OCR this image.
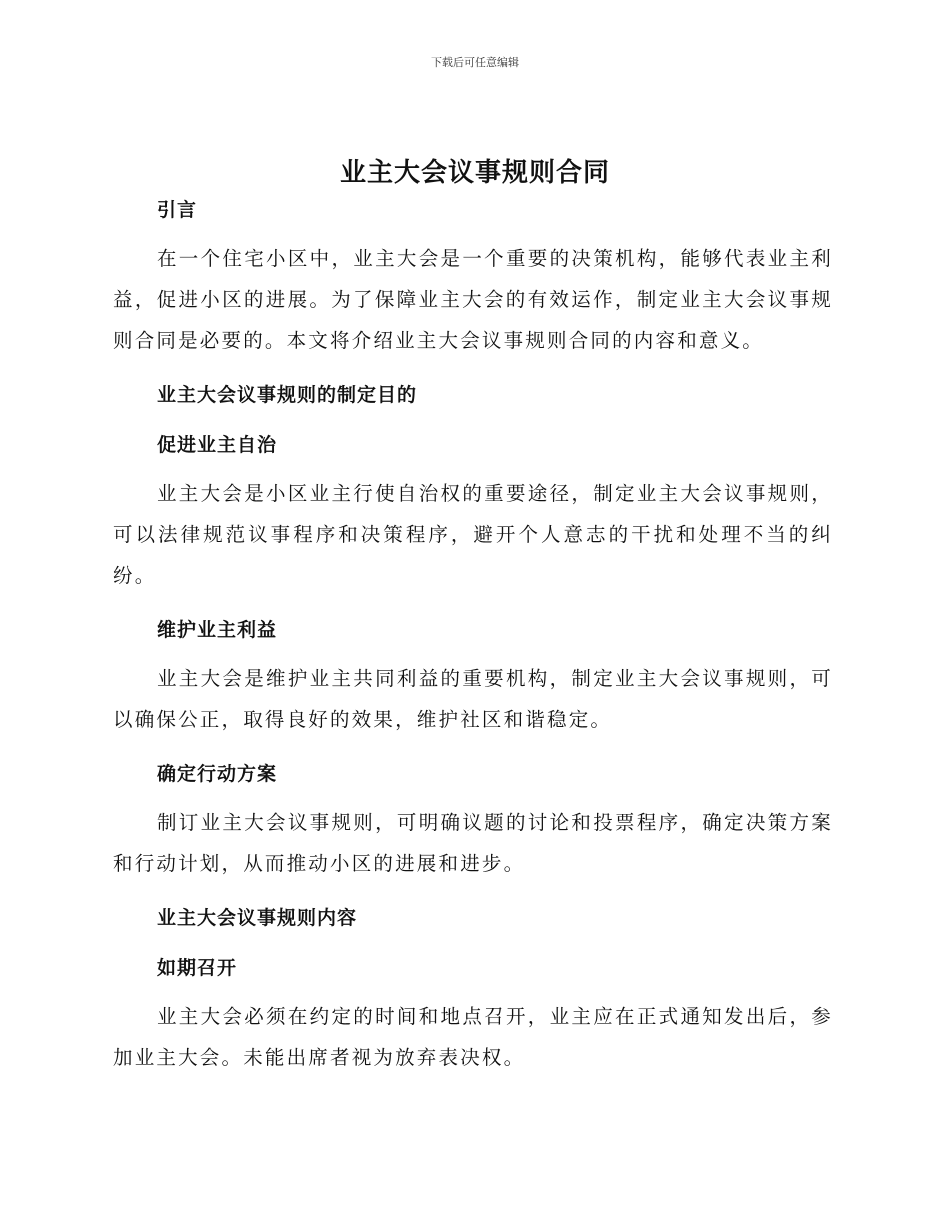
下载后可任意编辑
业主大会议事规则合同

引言

在一个住宅小区中，业主大会是一个重要的决策机构，能够代表业主利益，促进小区的进展。为了保障业主大会的有效运作，制定业主大会议事规则合同是必要的。本文将介绍业主大会议事规则合同的内容和意义。

业主大会议事规则的制定目的

促进业主自治

业主大会是小区业主行使自治权的重要途径，制定业主大会议事规则，可以法律规范议事程序和决策程序，避开个人意志的干扰和处理不当的纠纷。

维护业主利益

业主大会是维护业主共同利益的重要机构，制定业主大会议事规则，可以确保公正，取得良好的效果，维护社区和谐稳定。

确定行动方案

制订业主大会议事规则，可明确议题的讨论和投票程序，确定决策方案和行动计划，从而推动小区的进展和进步。

业主大会议事规则内容

如期召开

业主大会必须在约定的时间和地点召开，业主应在正式通知发出后，参加业主大会。未能出席者视为放弃表决权。
